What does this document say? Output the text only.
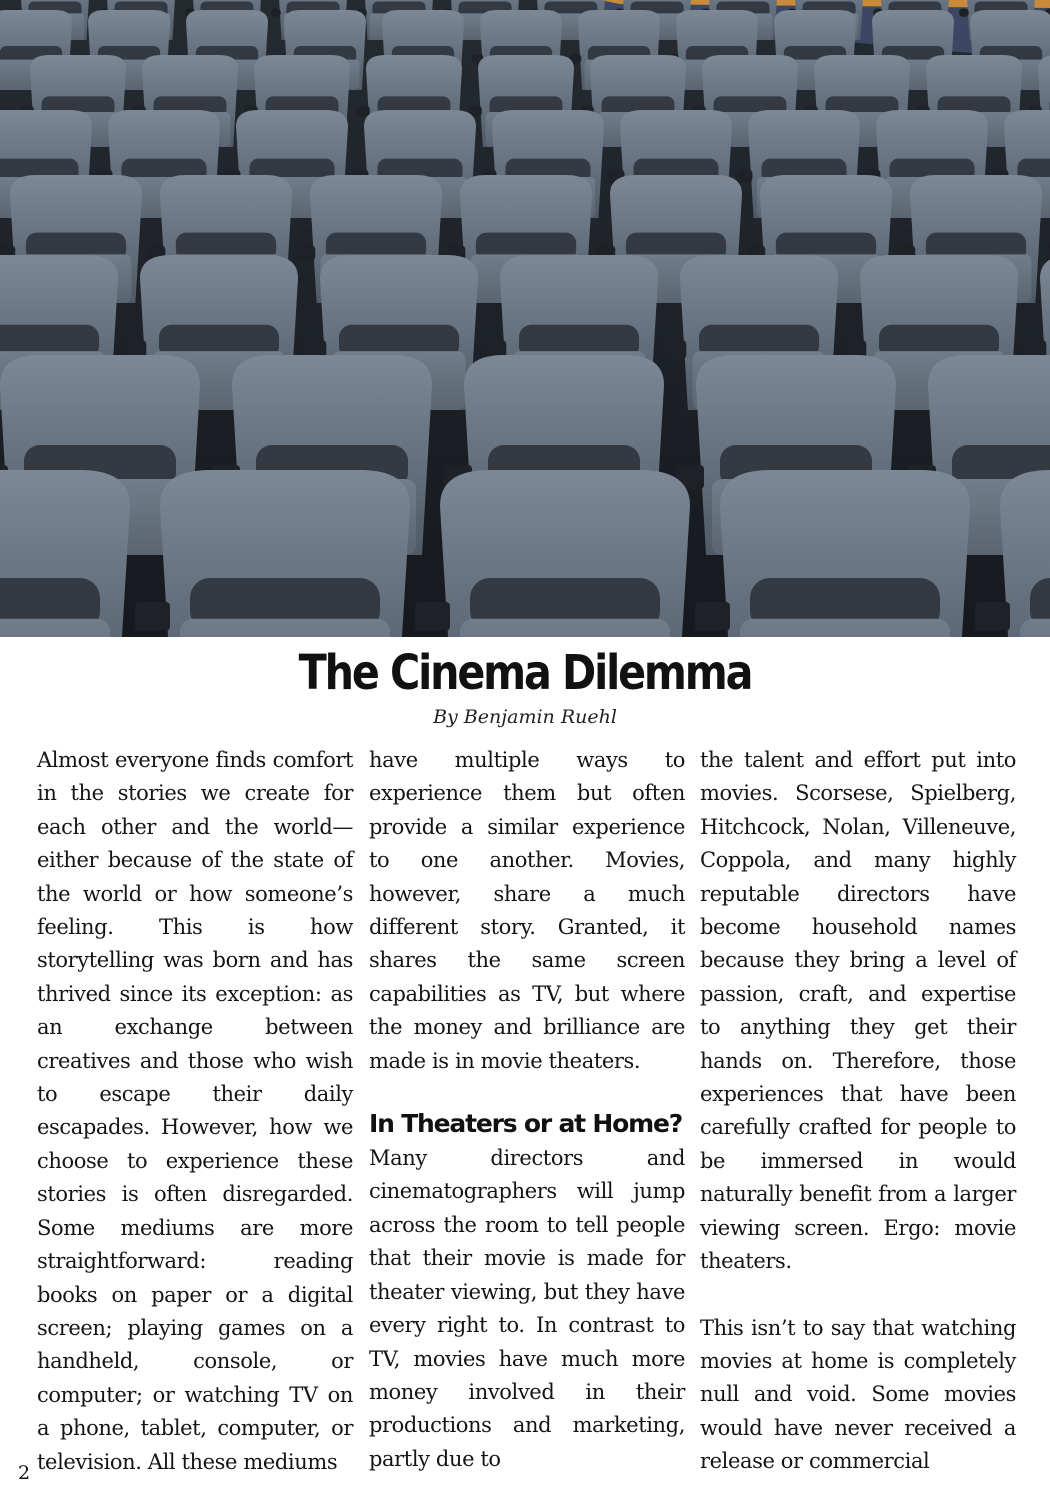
The Cinema Dilemma
By Benjamin Ruehl

Almost everyone finds comfort in the stories we create for each other and the world—either because of the state of the world or how someone’s feeling. This is how storytelling was born and has thrived since its exception: as an exchange between creatives and those who wish to escape their daily escapades. However, how we choose to experience these stories is often disregarded. Some mediums are more straightforward: reading books on paper or a digital screen; playing games on a handheld, console, or computer; or watching TV on a phone, tablet, computer, or television. All these mediums

have multiple ways to experience them but often provide a similar experience to one another. Movies, however, share a much different story. Granted, it shares the same screen capabilities as TV, but where the money and brilliance are made is in movie theaters.

In Theaters or at Home?

Many directors and cinematographers will jump across the room to tell people that their movie is made for theater viewing, but they have every right to. In contrast to TV, movies have much more money involved in their productions and marketing, partly due to

the talent and effort put into movies. Scorsese, Spielberg, Hitchcock, Nolan, Villeneuve, Coppola, and many highly reputable directors have become household names because they bring a level of passion, craft, and expertise to anything they get their hands on. Therefore, those experiences that have been carefully crafted for people to be immersed in would naturally benefit from a larger viewing screen. Ergo: movie theaters.

This isn’t to say that watching movies at home is completely null and void. Some movies would have never received a release or commercial

2
